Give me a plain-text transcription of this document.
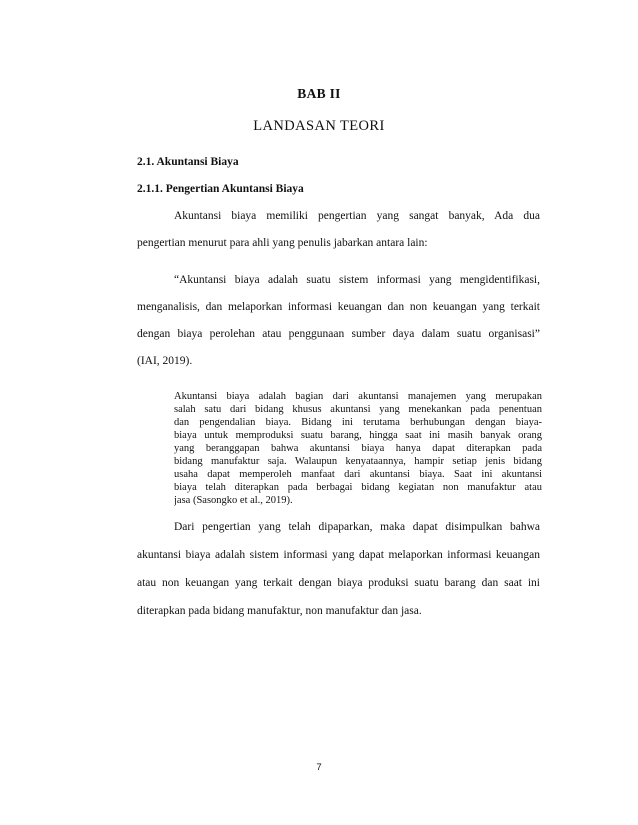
BAB II

LANDASAN TEORI

2.1. Akuntansi Biaya

2.1.1. Pengertian Akuntansi Biaya

Akuntansi biaya memiliki pengertian yang sangat banyak, Ada dua

pengertian menurut para ahli yang penulis jabarkan antara lain:

“Akuntansi biaya adalah suatu sistem informasi yang mengidentifikasi,

menganalisis, dan melaporkan informasi keuangan dan non keuangan yang terkait

dengan biaya perolehan atau penggunaan sumber daya dalam suatu organisasi”

(IAI, 2019).

Akuntansi biaya adalah bagian dari akuntansi manajemen yang merupakan

salah satu dari bidang khusus akuntansi yang menekankan pada penentuan

dan pengendalian biaya. Bidang ini terutama berhubungan dengan biaya-

biaya untuk memproduksi suatu barang, hingga saat ini masih banyak orang

yang beranggapan bahwa akuntansi biaya hanya dapat diterapkan pada

bidang manufaktur saja. Walaupun kenyataannya, hampir setiap jenis bidang

usaha dapat memperoleh manfaat dari akuntansi biaya. Saat ini akuntansi

biaya telah diterapkan pada berbagai bidang kegiatan non manufaktur atau

jasa (Sasongko et al., 2019).

Dari pengertian yang telah dipaparkan, maka dapat disimpulkan bahwa

akuntansi biaya adalah sistem informasi yang dapat melaporkan informasi keuangan

atau non keuangan yang terkait dengan biaya produksi suatu barang dan saat ini

diterapkan pada bidang manufaktur, non manufaktur dan jasa.

7
